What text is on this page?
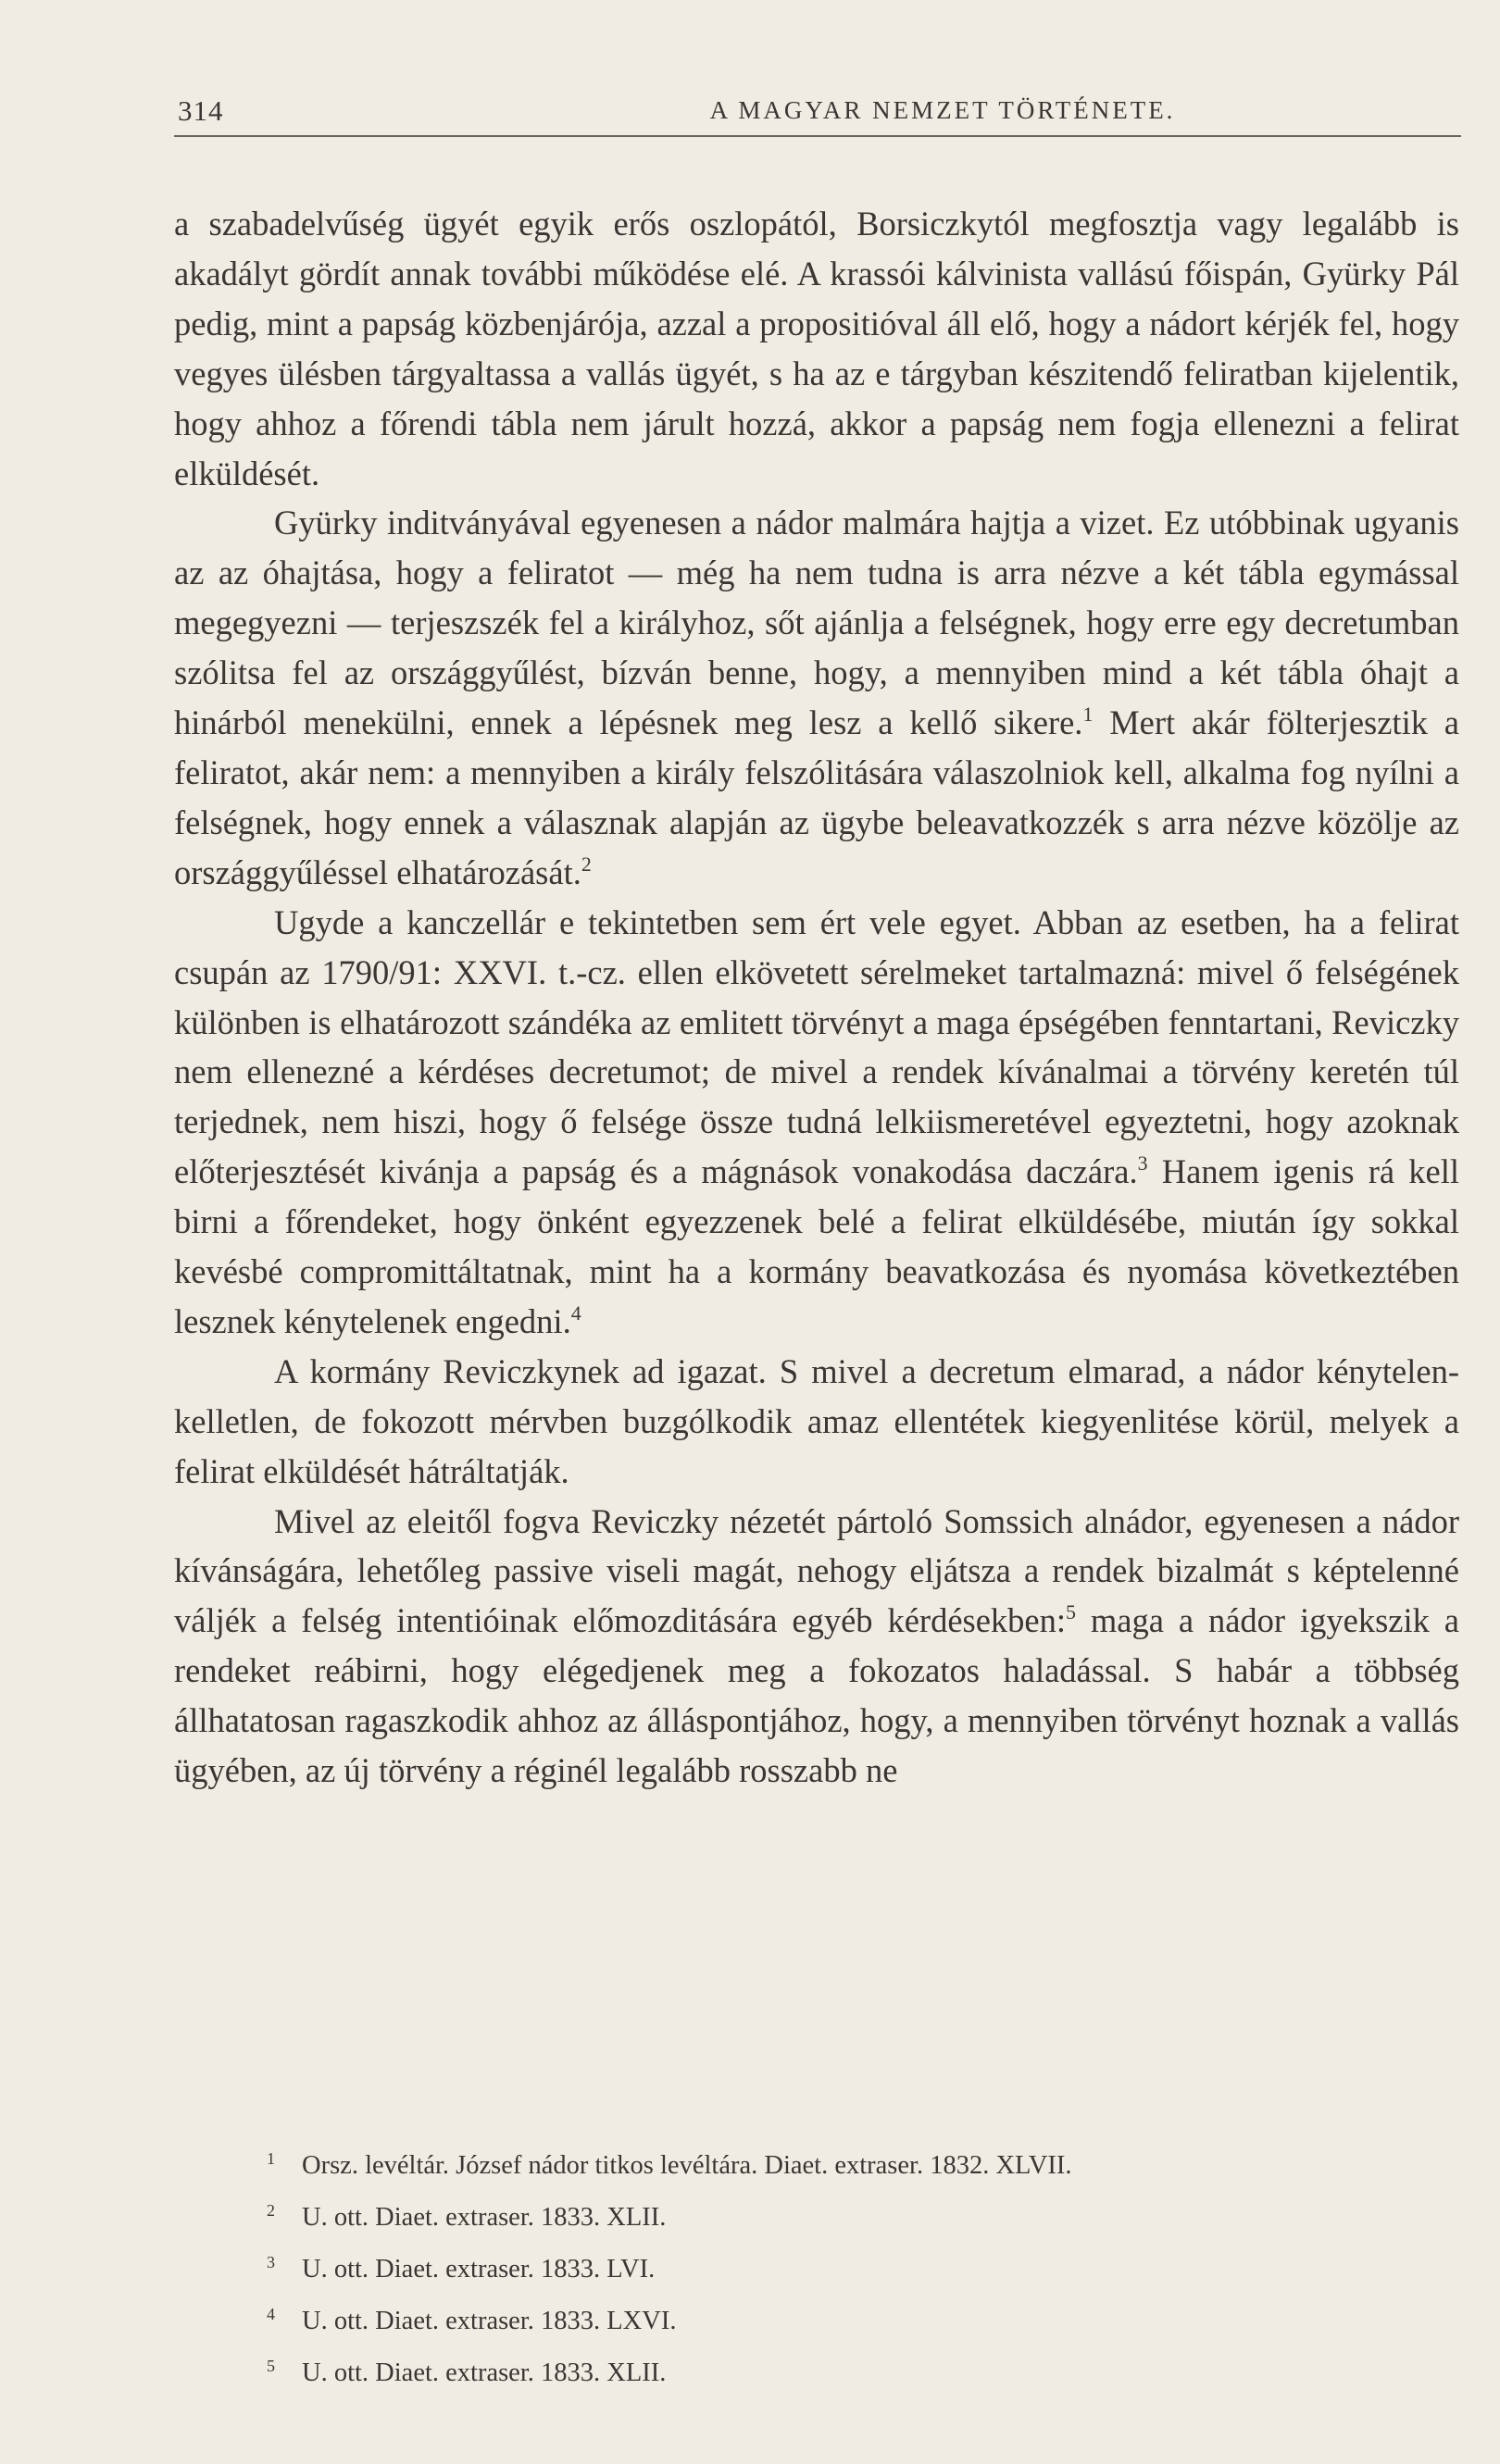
314	A MAGYAR NEMZET TÖRTÉNETE.

a szabadelvűség ügyét egyik erős oszlopától, Borsiczkytól megfosztja vagy legalább is akadályt gördít annak további működése elé. A krassói kálvinista vallású főispán, Gyürky Pál pedig, mint a papság közbenjárója, azzal a propositióval áll elő, hogy a nádort kérjék fel, hogy vegyes ülésben tárgyaltassa a vallás ügyét, s ha az e tárgyban készitendő feliratban kijelentik, hogy ahhoz a főrendi tábla nem járult hozzá, akkor a papság nem fogja ellenezni a felirat elküldését.

Gyürky inditványával egyenesen a nádor malmára hajtja a vizet. Ez utóbbinak ugyanis az az óhajtása, hogy a feliratot — még ha nem tudna is arra nézve a két tábla egymással megegyezni — terjeszszék fel a királyhoz, sőt ajánlja a felségnek, hogy erre egy decretumban szólitsa fel az országgyűlést, bízván benne, hogy, a mennyiben mind a két tábla óhajt a hinárból menekülni, ennek a lépésnek meg lesz a kellő sikere.$^1$ Mert akár fölterjesztik a feliratot, akár nem: a mennyiben a király felszólitására válaszolniok kell, alkalma fog nyílni a felségnek, hogy ennek a válasznak alapján az ügybe beleavatkozzék s arra nézve közölje az országgyűléssel elhatározását.$^2$

Ugyde a kanczellár e tekintetben sem ért vele egyet. Abban az esetben, ha a felirat csupán az 1790/91: XXVI. t.-cz. ellen elkövetett sérelmeket tartalmazná: mivel ő felségének különben is elhatározott szándéka az emlitett törvényt a maga épségében fenntartani, Reviczky nem ellenezné a kérdéses decretumot; de mivel a rendek kívánalmai a törvény keretén túl terjednek, nem hiszi, hogy ő felsége össze tudná lelkiismeretével egyeztetni, hogy azoknak előterjesztését kivánja a papság és a mágnások vonakodása daczára.$^3$ Hanem igenis rá kell birni a főrendeket, hogy önként egyezzenek belé a felirat elküldésébe, miután így sokkal kevésbé compromittáltatnak, mint ha a kormány beavatkozása és nyomása következtében lesznek kénytelenek engedni.$^4$

A kormány Reviczkynek ad igazat. S mivel a decretum elmarad, a nádor kénytelen-kelletlen, de fokozott mérvben buzgólkodik amaz ellentétek kiegyenlitése körül, melyek a felirat elküldését hátráltatják.

Mivel az eleitől fogva Reviczky nézetét pártoló Somssich alnádor, egyenesen a nádor kívánságára, lehetőleg passive viseli magát, nehogy eljátsza a rendek bizalmát s képtelenné váljék a felség intentióinak előmozditására egyéb kérdésekben:$^5$ maga a nádor igyekszik a rendeket reábirni, hogy elégedjenek meg a fokozatos haladással. S habár a többség állhatatosan ragaszkodik ahhoz az álláspontjához, hogy, a mennyiben törvényt hoznak a vallás ügyében, az új törvény a réginél legalább rosszabb ne

1 Orsz. levéltár. József nádor titkos levéltára. Diaet. extraser. 1832. XLVII.
2 U. ott. Diaet. extraser. 1833. XLII.
3 U. ott. Diaet. extraser. 1833. LVI.
4 U. ott. Diaet. extraser. 1833. LXVI.
5 U. ott. Diaet. extraser. 1833. XLII.
